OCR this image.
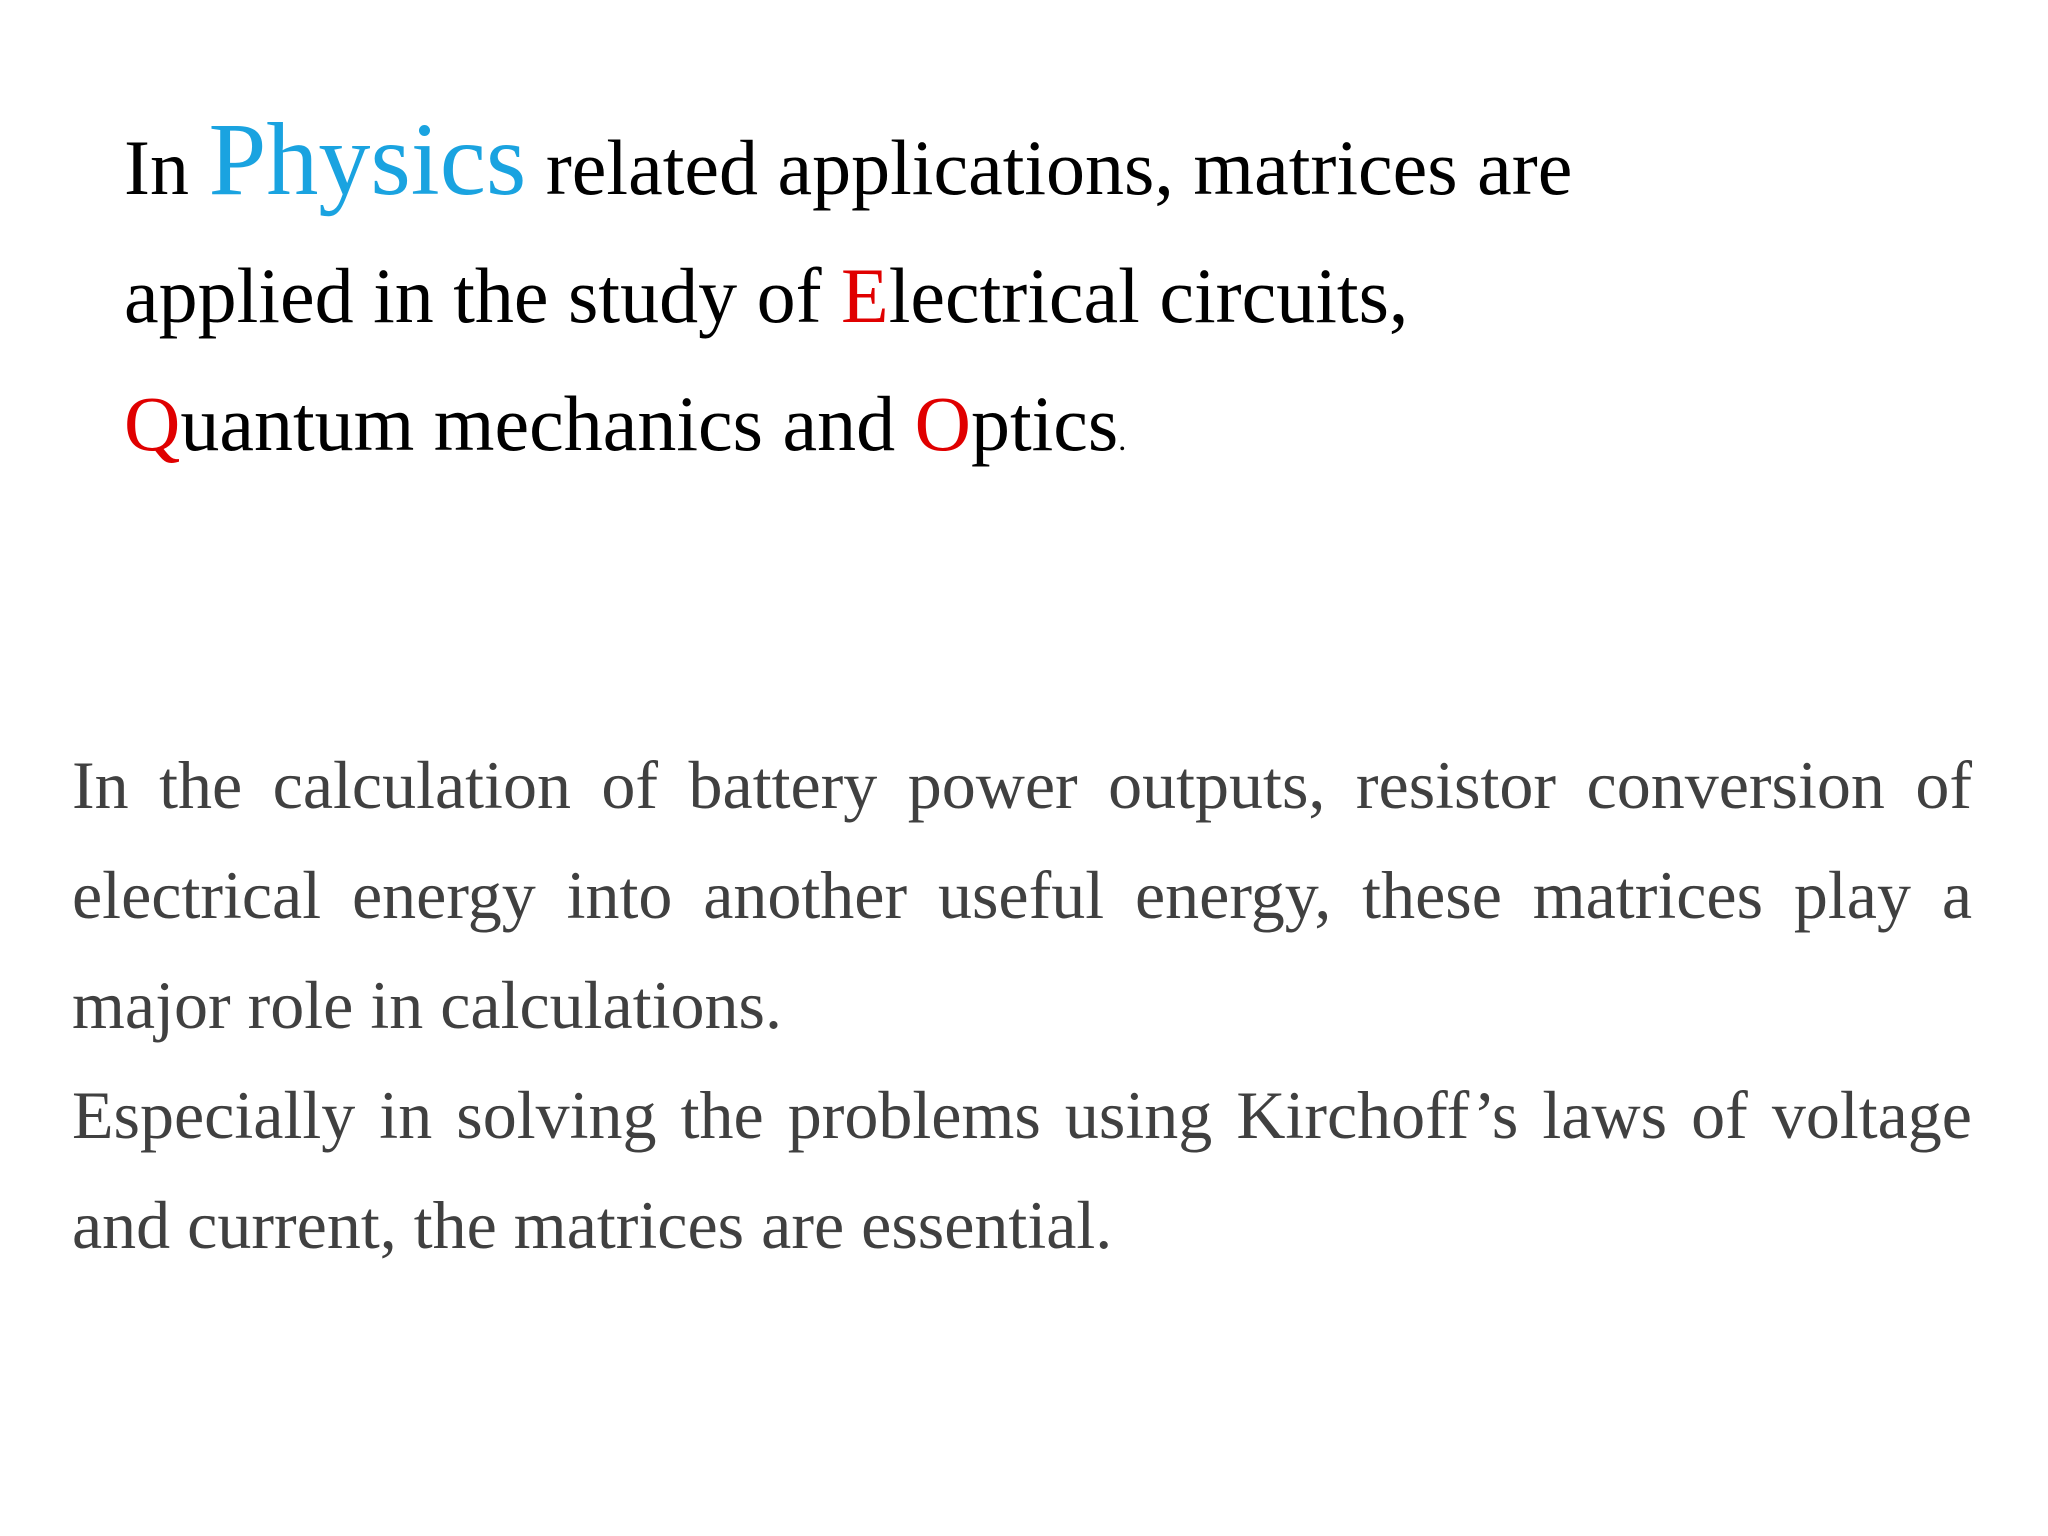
In Physics related applications, matrices are
applied in the study of Electrical circuits,
Quantum mechanics and Optics.

In the calculation of battery power outputs, resistor conversion of electrical energy into another useful energy, these matrices play a major role in calculations.

Especially in solving the problems using Kirchoff’s laws of voltage and current, the matrices are essential.
